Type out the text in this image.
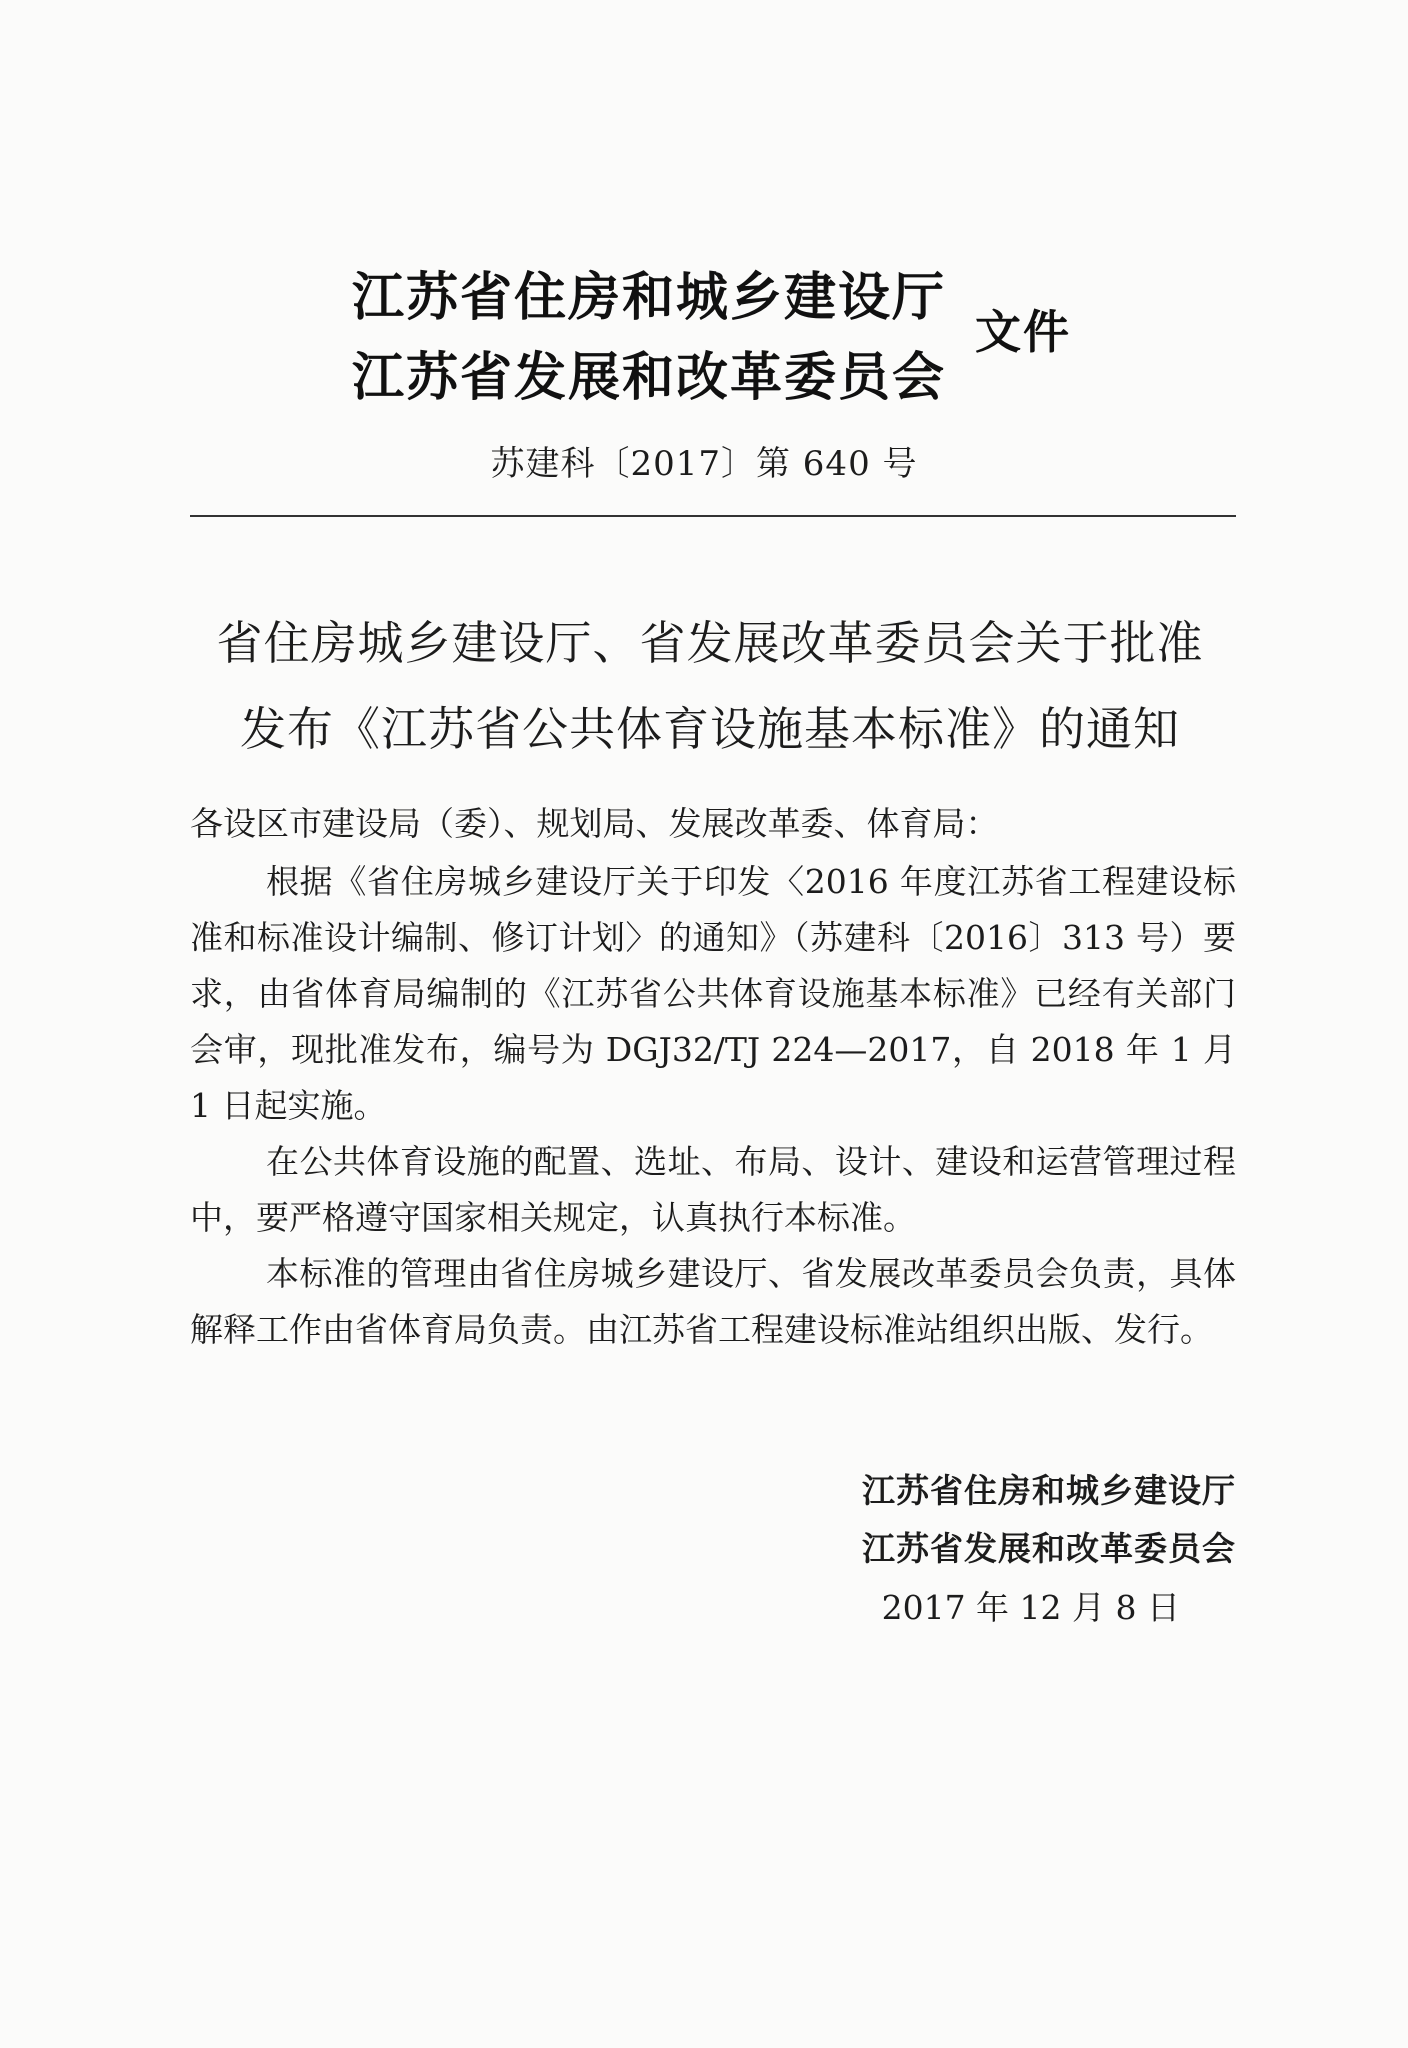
江苏省住房和城乡建设厅
江苏省发展和改革委员会
文件
苏建科〔2017〕第 640 号
省住房城乡建设厅、省发展改革委员会关于批准
发布《江苏省公共体育设施基本标准》的通知
各设区市建设局（委）、规划局、发展改革委、体育局：

根据《省住房城乡建设厅关于印发〈2016 年度江苏省工程建设标准和标准设计编制、修订计划〉的通知》（苏建科〔2016〕313 号）要求，由省体育局编制的《江苏省公共体育设施基本标准》已经有关部门会审，现批准发布，编号为 DGJ32/TJ 224—2017，自 2018 年 1 月 1 日起实施。

在公共体育设施的配置、选址、布局、设计、建设和运营管理过程中，要严格遵守国家相关规定，认真执行本标准。

本标准的管理由省住房城乡建设厅、省发展改革委员会负责，具体解释工作由省体育局负责。由江苏省工程建设标准站组织出版、发行。

江苏省住房和城乡建设厅
江苏省发展和改革委员会
2017 年 12 月 8 日
